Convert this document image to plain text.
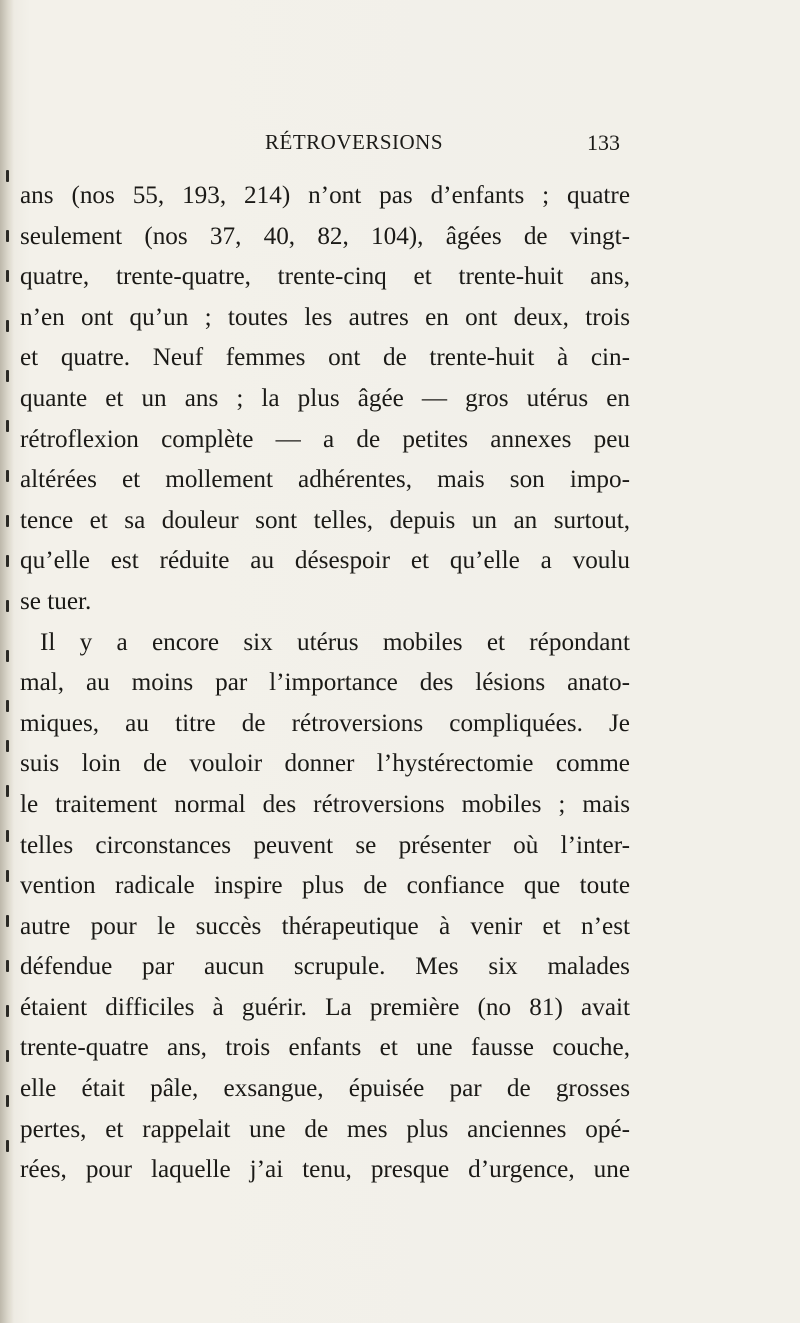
RÉTROVERSIONS	133
ans (nos 55, 193, 214) n’ont pas d’enfants ; quatre
seulement (nos 37, 40, 82, 104), âgées de vingt-
quatre, trente-quatre, trente-cinq et trente-huit ans,
n’en ont qu’un ; toutes les autres en ont deux, trois
et quatre. Neuf femmes ont de trente-huit à cin-
quante et un ans ; la plus âgée — gros utérus en
rétroflexion complète — a de petites annexes peu
altérées et mollement adhérentes, mais son impo-
tence et sa douleur sont telles, depuis un an surtout,
qu’elle est réduite au désespoir et qu’elle a voulu
se tuer.
Il y a encore six utérus mobiles et répondant
mal, au moins par l’importance des lésions anato-
miques, au titre de rétroversions compliquées. Je
suis loin de vouloir donner l’hystérectomie comme
le traitement normal des rétroversions mobiles ; mais
telles circonstances peuvent se présenter où l’inter-
vention radicale inspire plus de confiance que toute
autre pour le succès thérapeutique à venir et n’est
défendue par aucun scrupule. Mes six malades
étaient difficiles à guérir. La première (no 81) avait
trente-quatre ans, trois enfants et une fausse couche,
elle était pâle, exsangue, épuisée par de grosses
pertes, et rappelait une de mes plus anciennes opé-
rées, pour laquelle j’ai tenu, presque d’urgence, une
